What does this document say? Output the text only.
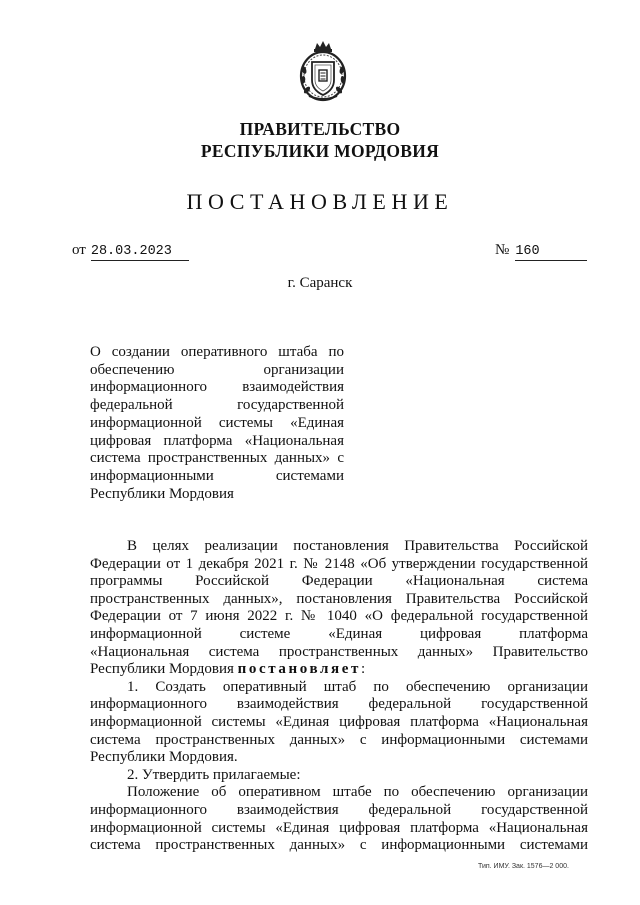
ПРАВИТЕЛЬСТВО
РЕСПУБЛИКИ МОРДОВИЯ
ПОСТАНОВЛЕНИЕ
от 28.03.2023	№ 160
г. Саранск
О создании оперативного штаба по
обеспечению организации
информационного взаимодействия
федеральной государственной
информационной системы «Единая
цифровая платформа «Национальная
система пространственных данных» с
информационными системами
Республики Мордовия
В целях реализации постановления Правительства Российской
Федерации от 1 декабря 2021 г. № 2148 «Об утверждении государственной
программы Российской Федерации «Национальная система
пространственных данных», постановления Правительства Российской
Федерации от 7 июня 2022 г. № 1040 «О федеральной государственной
информационной системе «Единая цифровая платформа
«Национальная система пространственных данных» Правительство
Республики Мордовия постановляет:
1. Создать оперативный штаб по обеспечению организации
информационного взаимодействия федеральной государственной
информационной системы «Единая цифровая платформа «Национальная
системa пространственных данных» с информационными системами
Республики Мордовия.
2. Утвердить прилагаемые:
Положение об оперативном штабе по обеспечению организации
информационного взаимодействия федеральной государственной
информационной системы «Единая цифровая платформа «Национальная
система пространственных данных» с информационными системами
Тип. ИМУ. Зак. 1576—2 000.
